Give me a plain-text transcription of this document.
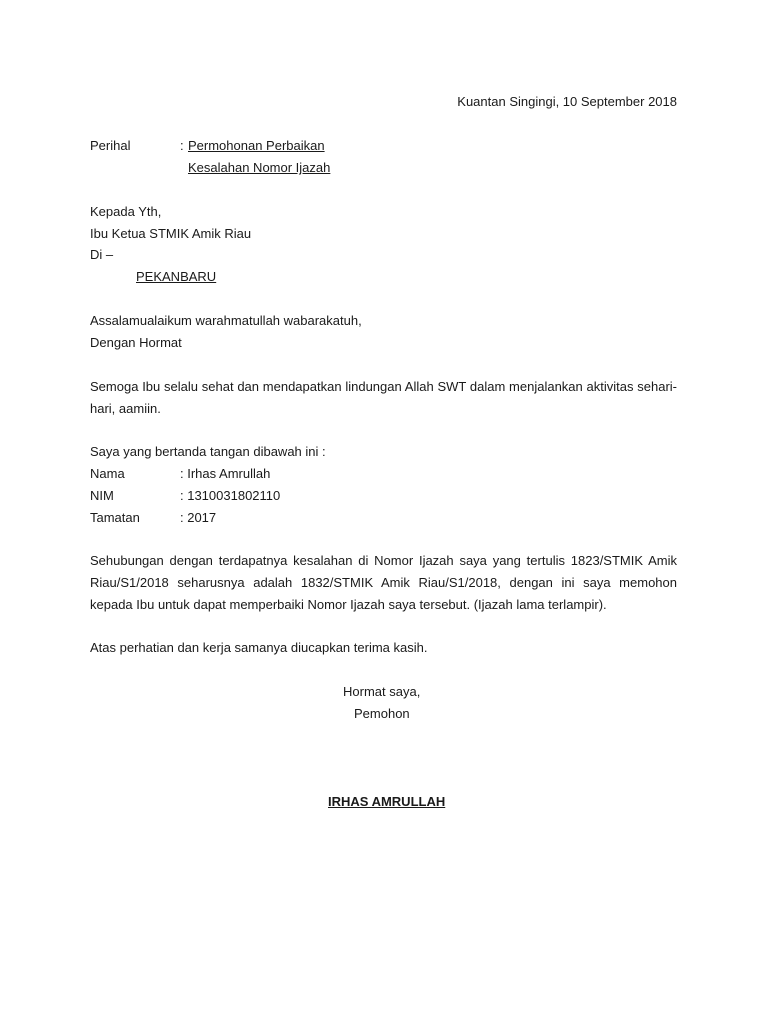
Kuantan Singingi, 10 September 2018
Perihal	: Permohonan Perbaikan
Kesalahan Nomor Ijazah
Kepada Yth,
Ibu Ketua STMIK Amik Riau
Di –
PEKANBARU
Assalamualaikum warahmatullah wabarakatuh,
Dengan Hormat
Semoga Ibu selalu sehat dan mendapatkan lindungan Allah SWT dalam menjalankan aktivitas sehari-hari, aamiin.
Saya yang bertanda tangan dibawah ini :
Nama	: Irhas Amrullah
NIM	: 1310031802110
Tamatan	: 2017
Sehubungan dengan terdapatnya kesalahan di Nomor Ijazah saya yang tertulis 1823/STMIK Amik Riau/S1/2018 seharusnya adalah 1832/STMIK Amik Riau/S1/2018, dengan ini saya memohon kepada Ibu untuk dapat memperbaiki Nomor Ijazah saya tersebut. (Ijazah lama terlampir).
Atas perhatian dan kerja samanya diucapkan terima kasih.
Hormat saya,
Pemohon
IRHAS AMRULLAH
